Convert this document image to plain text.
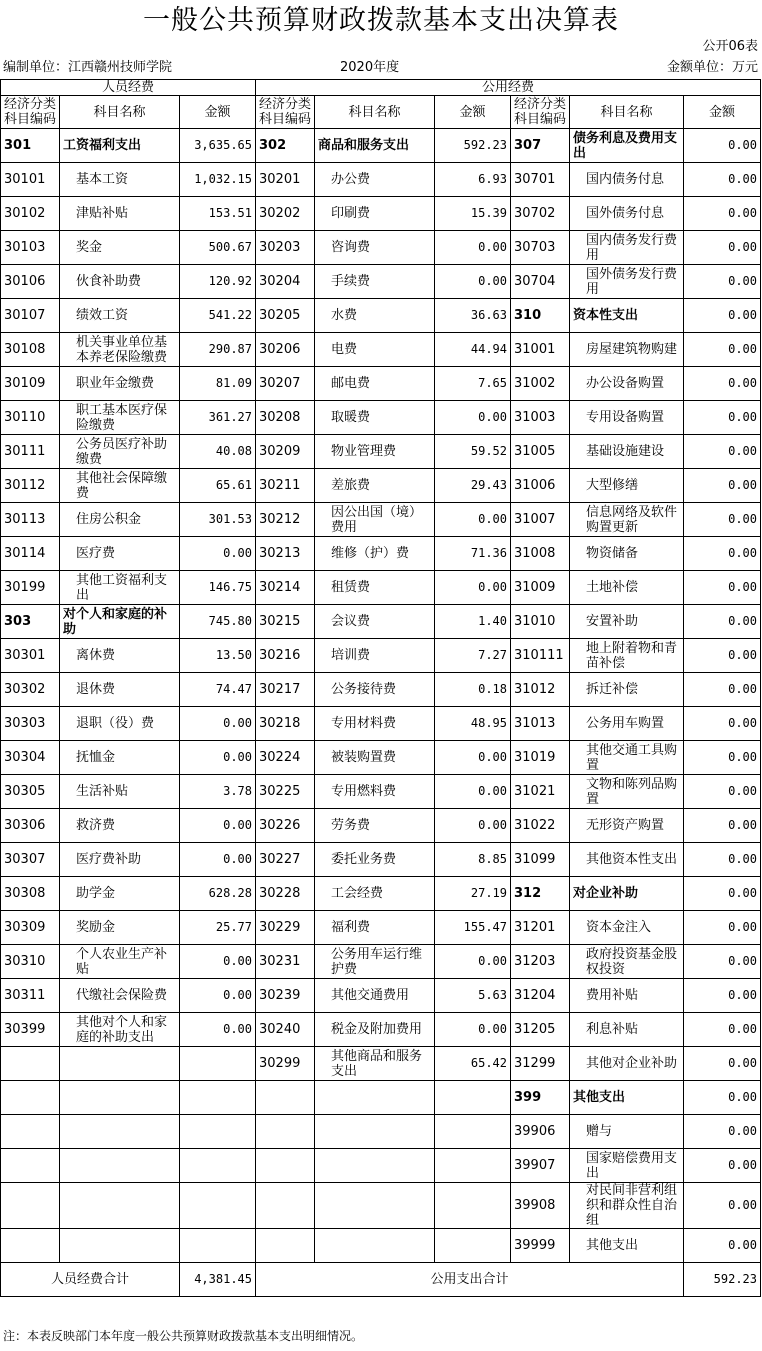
一般公共预算财政拨款基本支出决算表
公开06表
编制单位：江西赣州技师学院	2020年度	金额单位：万元
人员经费			公用经费					
经济分类科目编码	科目名称	金额	经济分类科目编码	科目名称	金额	经济分类科目编码	科目名称	金额
301	工资福利支出	3,635.65	302	商品和服务支出	592.23	307	债务利息及费用支出	0.00
30101	基本工资	1,032.15	30201	办公费	6.93	30701	国内债务付息	0.00
30102	津贴补贴	153.51	30202	印刷费	15.39	30702	国外债务付息	0.00
30103	奖金	500.67	30203	咨询费	0.00	30703	国内债务发行费用	0.00
30106	伙食补助费	120.92	30204	手续费	0.00	30704	国外债务发行费用	0.00
30107	绩效工资	541.22	30205	水费	36.63	310	资本性支出	0.00
30108	机关事业单位基本养老保险缴费	290.87	30206	电费	44.94	31001	房屋建筑物购建	0.00
30109	职业年金缴费	81.09	30207	邮电费	7.65	31002	办公设备购置	0.00
30110	职工基本医疗保险缴费	361.27	30208	取暖费	0.00	31003	专用设备购置	0.00
30111	公务员医疗补助缴费	40.08	30209	物业管理费	59.52	31005	基础设施建设	0.00
30112	其他社会保障缴费	65.61	30211	差旅费	29.43	31006	大型修缮	0.00
30113	住房公积金	301.53	30212	因公出国（境）费用	0.00	31007	信息网络及软件购置更新	0.00
30114	医疗费	0.00	30213	维修（护）费	71.36	31008	物资储备	0.00
30199	其他工资福利支出	146.75	30214	租赁费	0.00	31009	土地补偿	0.00
303	对个人和家庭的补助	745.80	30215	会议费	1.40	31010	安置补助	0.00
30301	离休费	13.50	30216	培训费	7.27	310111	地上附着物和青苗补偿	0.00
30302	退休费	74.47	30217	公务接待费	0.18	31012	拆迁补偿	0.00
30303	退职（役）费	0.00	30218	专用材料费	48.95	31013	公务用车购置	0.00
30304	抚恤金	0.00	30224	被装购置费	0.00	31019	其他交通工具购置	0.00
30305	生活补贴	3.78	30225	专用燃料费	0.00	31021	文物和陈列品购置	0.00
30306	救济费	0.00	30226	劳务费	0.00	31022	无形资产购置	0.00
30307	医疗费补助	0.00	30227	委托业务费	8.85	31099	其他资本性支出	0.00
30308	助学金	628.28	30228	工会经费	27.19	312	对企业补助	0.00
30309	奖励金	25.77	30229	福利费	155.47	31201	资本金注入	0.00
30310	个人农业生产补贴	0.00	30231	公务用车运行维护费	0.00	31203	政府投资基金股权投资	0.00
30311	代缴社会保险费	0.00	30239	其他交通费用	5.63	31204	费用补贴	0.00
30399	其他对个人和家庭的补助支出	0.00	30240	税金及附加费用	0.00	31205	利息补贴	0.00
			30299	其他商品和服务支出	65.42	31299	其他对企业补助	0.00
						399	其他支出	0.00
						39906	赠与	0.00
						39907	国家赔偿费用支出	0.00
						39908	对民间非营利组织和群众性自治组	0.00
						39999	其他支出	0.00
人员经费合计		4,381.45	公用支出合计					592.23
注：本表反映部门本年度一般公共预算财政拨款基本支出明细情况。
